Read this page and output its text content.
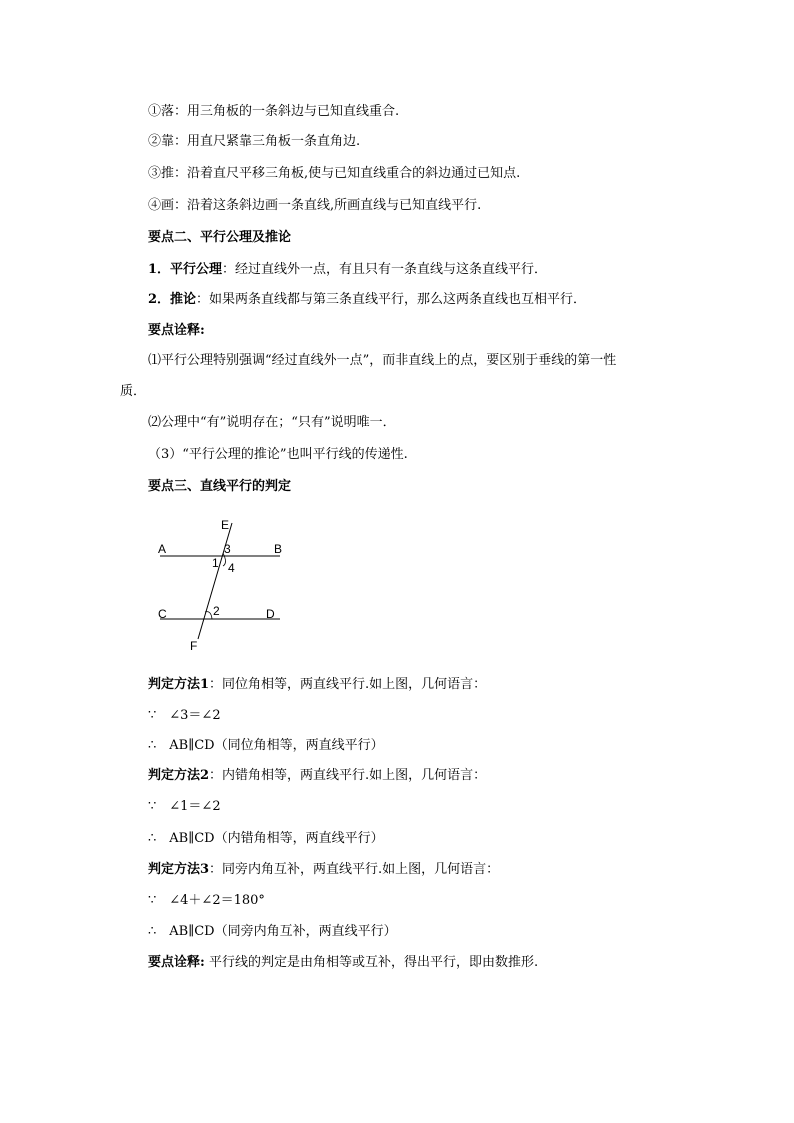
①落：用三角板的一条斜边与已知直线重合.
②靠：用直尺紧靠三角板一条直角边.
③推：沿着直尺平移三角板,使与已知直线重合的斜边通过已知点.
④画：沿着这条斜边画一条直线,所画直线与已知直线平行.
要点二、平行公理及推论
1．平行公理：经过直线外一点，有且只有一条直线与这条直线平行．
2．推论：如果两条直线都与第三条直线平行，那么这两条直线也互相平行．
要点诠释:
⑴平行公理特别强调“经过直线外一点”，而非直线上的点，要区别于垂线的第一性
质．
⑵公理中“有”说明存在；“只有”说明唯一．
（3）“平行公理的推论”也叫平行线的传递性.
要点三、直线平行的判定
E
A	B
3
1 4
C	D
2
F
判定方法1：同位角相等，两直线平行.如上图，几何语言：
∵　∠3＝∠2
∴　AB∥CD（同位角相等，两直线平行）
判定方法2：内错角相等，两直线平行.如上图，几何语言：
∵　∠1＝∠2
∴　AB∥CD（内错角相等，两直线平行）
判定方法3：同旁内角互补，两直线平行.如上图，几何语言：
∵　∠4＋∠2＝180°
∴　AB∥CD（同旁内角互补，两直线平行）
要点诠释: 平行线的判定是由角相等或互补，得出平行，即由数推形.
